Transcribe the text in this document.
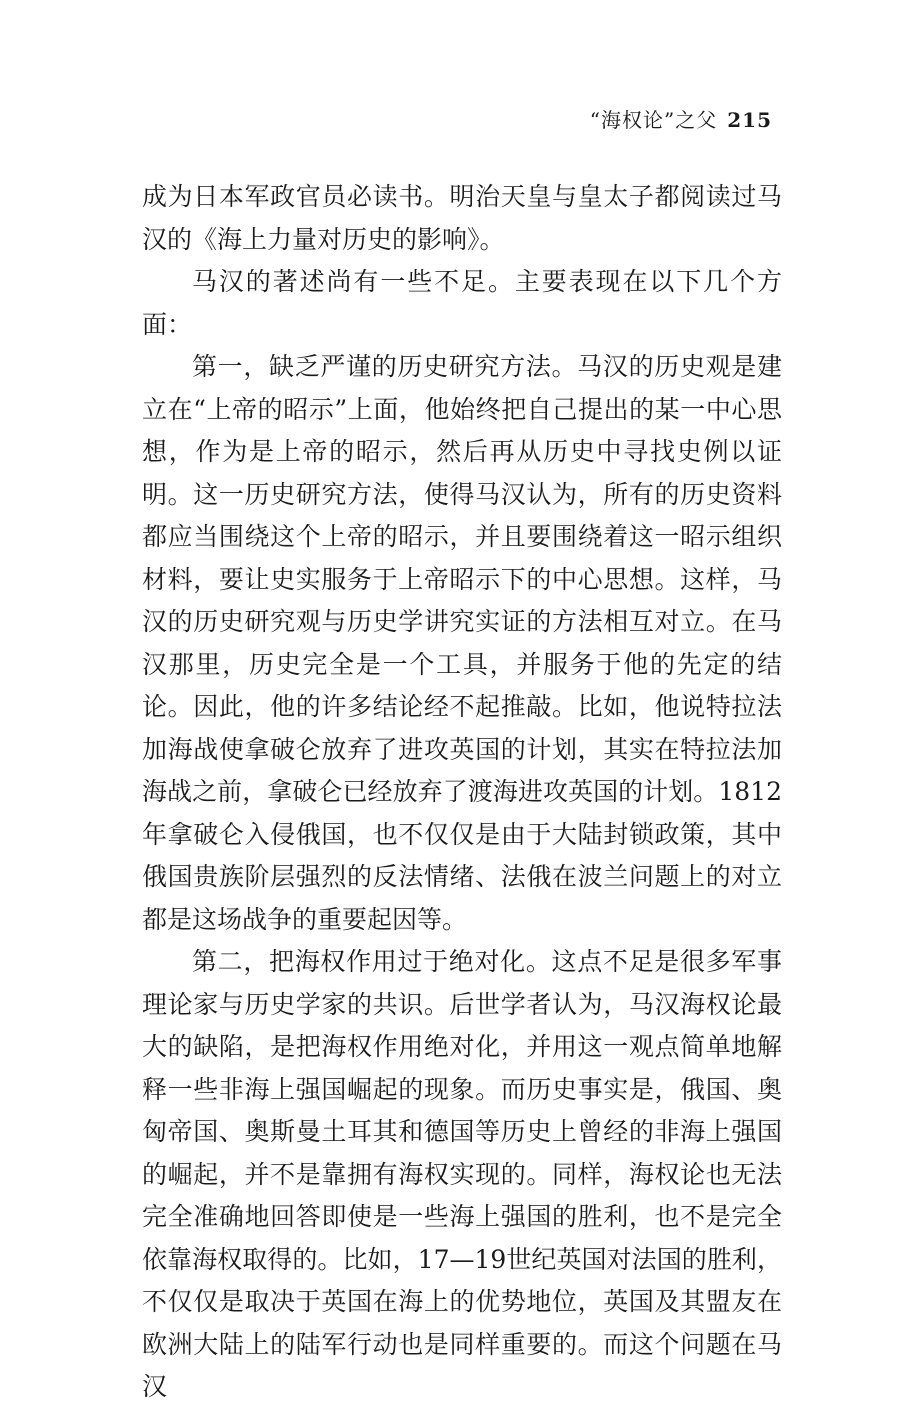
“海权论”之父 215

成为日本军政官员必读书。明治天皇与皇太子都阅读过马汉的《海上力量对历史的影响》。

马汉的著述尚有一些不足。主要表现在以下几个方面：

第一，缺乏严谨的历史研究方法。马汉的历史观是建立在“上帝的昭示”上面，他始终把自己提出的某一中心思想，作为是上帝的昭示，然后再从历史中寻找史例以证明。这一历史研究方法，使得马汉认为，所有的历史资料都应当围绕这个上帝的昭示，并且要围绕着这一昭示组织材料，要让史实服务于上帝昭示下的中心思想。这样，马汉的历史研究观与历史学讲究实证的方法相互对立。在马汉那里，历史完全是一个工具，并服务于他的先定的结论。因此，他的许多结论经不起推敲。比如，他说特拉法加海战使拿破仑放弃了进攻英国的计划，其实在特拉法加海战之前，拿破仑已经放弃了渡海进攻英国的计划。1812年拿破仑入侵俄国，也不仅仅是由于大陆封锁政策，其中俄国贵族阶层强烈的反法情绪、法俄在波兰问题上的对立都是这场战争的重要起因等。

第二，把海权作用过于绝对化。这点不足是很多军事理论家与历史学家的共识。后世学者认为，马汉海权论最大的缺陷，是把海权作用绝对化，并用这一观点简单地解释一些非海上强国崛起的现象。而历史事实是，俄国、奥匈帝国、奥斯曼土耳其和德国等历史上曾经的非海上强国的崛起，并不是靠拥有海权实现的。同样，海权论也无法完全准确地回答即使是一些海上强国的胜利，也不是完全依靠海权取得的。比如，17—19世纪英国对法国的胜利，不仅仅是取决于英国在海上的优势地位，英国及其盟友在欧洲大陆上的陆军行动也是同样重要的。而这个问题在马汉
